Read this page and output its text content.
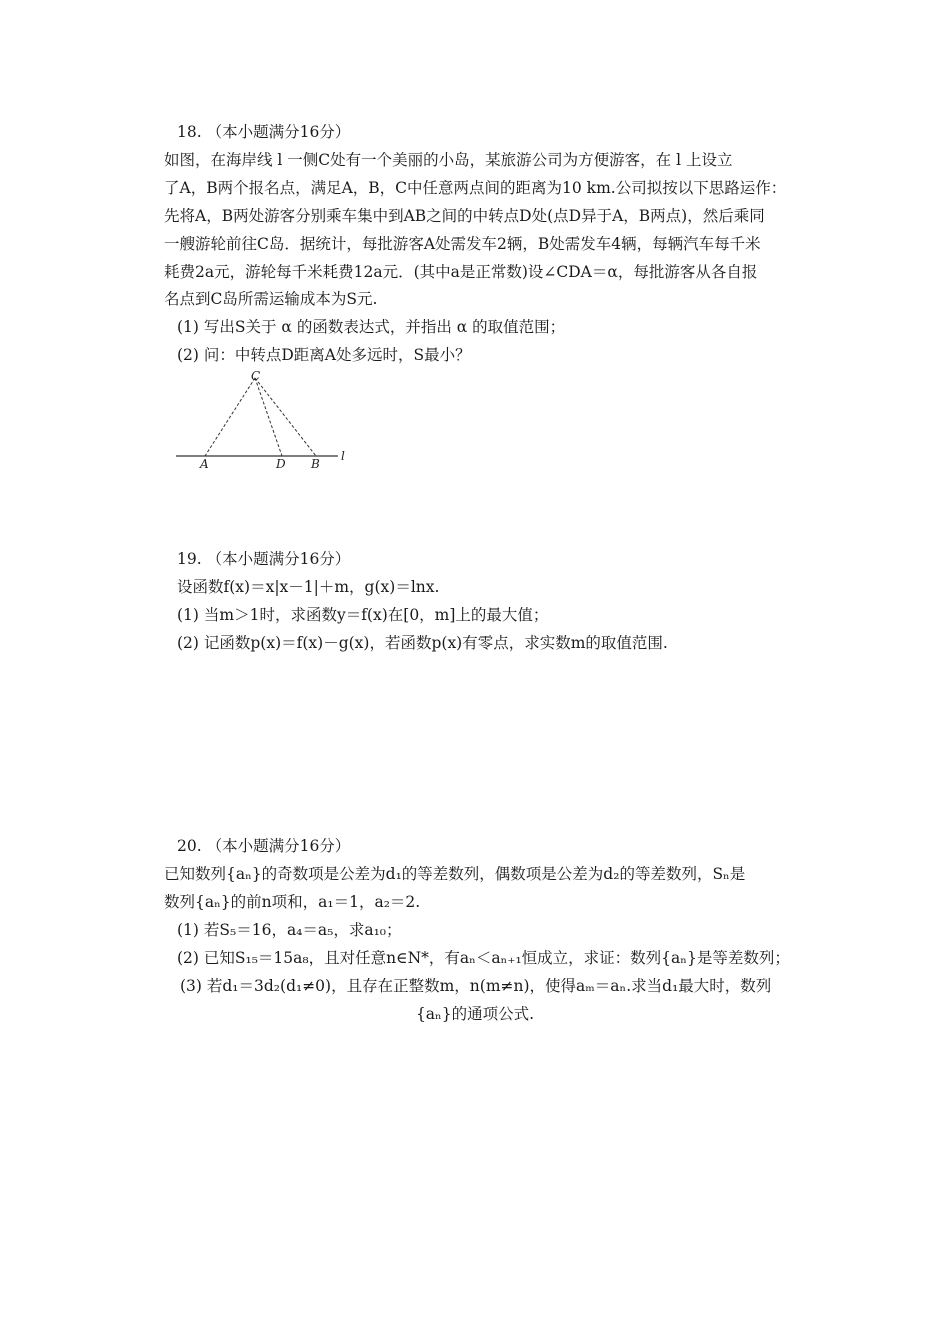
18. （本小题满分16分）
如图，在海岸线 l 一侧C处有一个美丽的小岛，某旅游公司为方便游客，在 l 上设立
了A，B两个报名点，满足A，B，C中任意两点间的距离为10 km.公司拟按以下思路运作：
先将A，B两处游客分别乘车集中到AB之间的中转点D处(点D异于A，B两点)，然后乘同
一艘游轮前往C岛．据统计，每批游客A处需发车2辆，B处需发车4辆，每辆汽车每千米
耗费2a元，游轮每千米耗费12a元．(其中a是正常数)设∠CDA＝α，每批游客从各自报
名点到C岛所需运输成本为S元.
(1) 写出S关于 α 的函数表达式，并指出 α 的取值范围；
(2) 问：中转点D距离A处多远时，S最小？
C
A	D B
l
19. （本小题满分16分）
设函数f(x)＝x|x－1|＋m，g(x)＝lnx.
(1) 当m＞1时，求函数y＝f(x)在[0，m]上的最大值；
(2) 记函数p(x)＝f(x)－g(x)，若函数p(x)有零点，求实数m的取值范围.
20. （本小题满分16分）
已知数列{aₙ}的奇数项是公差为d₁的等差数列，偶数项是公差为d₂的等差数列，Sₙ是
数列{aₙ}的前n项和，a₁＝1，a₂＝2.
(1) 若S₅＝16，a₄＝a₅，求a₁₀；
(2) 已知S₁₅＝15a₈，且对任意n∈N*，有aₙ＜aₙ₊₁恒成立，求证：数列{aₙ}是等差数列；
(3) 若d₁＝3d₂(d₁≠0)，且存在正整数m，n(m≠n)，使得aₘ＝aₙ.求当d₁最大时，数列
{aₙ}的通项公式.
